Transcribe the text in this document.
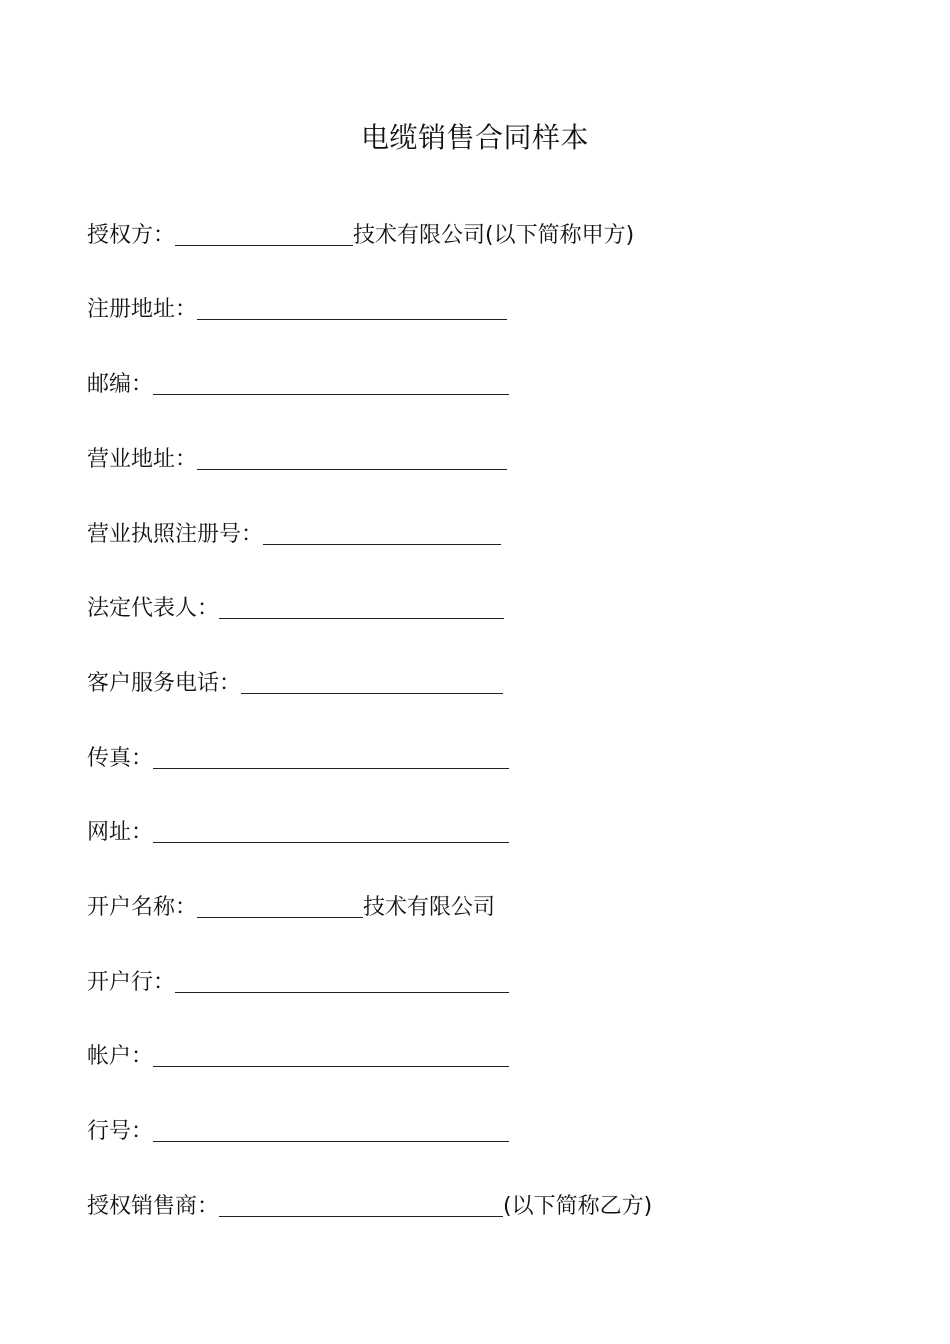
电缆销售合同样本
授权方：	技术有限公司(以下简称甲方)
注册地址：
邮编：
营业地址：
营业执照注册号：
法定代表人：
客户服务电话：
传真：
网址：
开户名称：	技术有限公司
开户行：
帐户：
行号：
授权销售商：	(以下简称乙方)
